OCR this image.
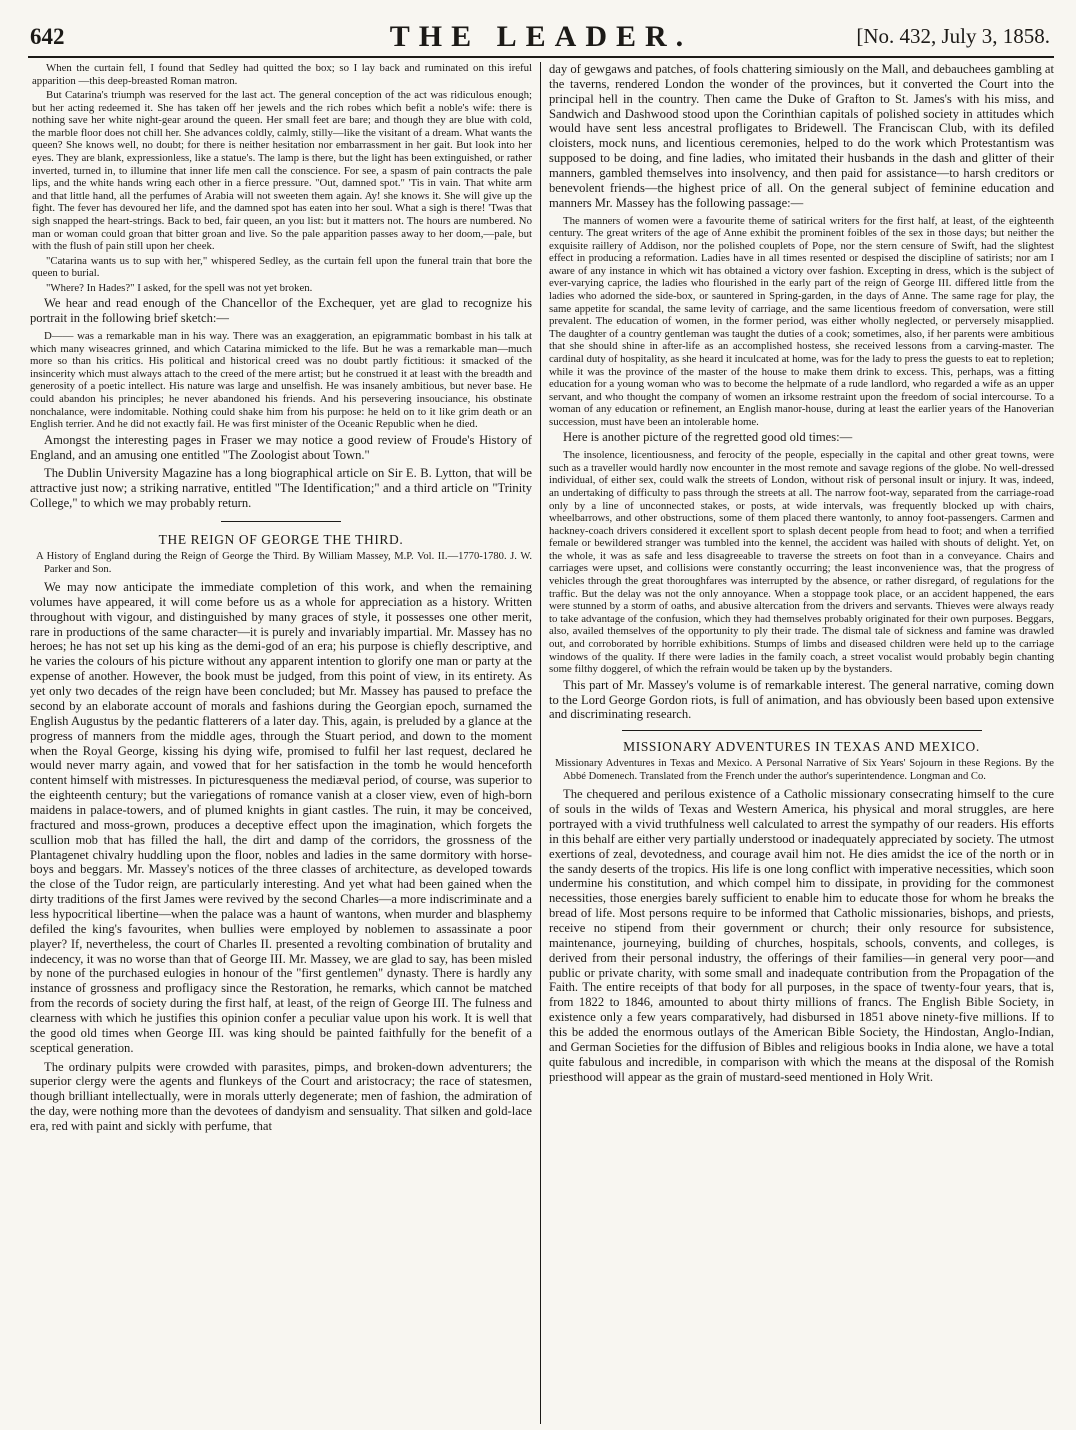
642	THE LEADER.	[No. 432, July 3, 1858.

When the curtain fell, I found that Sedley had quitted the box; so I lay back and ruminated on this ireful apparition —this deep-breasted Roman matron.

But Catarina's triumph was reserved for the last act. The general conception of the act was ridiculous enough; but her acting redeemed it. She has taken off her jewels and the rich robes which befit a noble's wife: there is nothing save her white night-gear around the queen. Her small feet are bare; and though they are blue with cold, the marble floor does not chill her. She advances coldly, calmly, stilly—like the visitant of a dream. What wants the queen? She knows well, no doubt; for there is neither hesitation nor embarrassment in her gait. But look into her eyes. They are blank, expressionless, like a statue's. The lamp is there, but the light has been extinguished, or rather inverted, turned in, to illumine that inner life men call the conscience. For see, a spasm of pain contracts the pale lips, and the white hands wring each other in a fierce pressure. "Out, damned spot." 'Tis in vain. That white arm and that little hand, all the perfumes of Arabia will not sweeten them again. Ay! she knows it. She will give up the fight. The fever has devoured her life, and the damned spot has eaten into her soul. What a sigh is there! 'Twas that sigh snapped the heart-strings. Back to bed, fair queen, an you list: but it matters not. The hours are numbered. No man or woman could groan that bitter groan and live. So the pale apparition passes away to her doom,—pale, but with the flush of pain still upon her cheek.

"Catarina wants us to sup with her," whispered Sedley, as the curtain fell upon the funeral train that bore the queen to burial.

"Where? In Hades?" I asked, for the spell was not yet broken.

We hear and read enough of the Chancellor of the Exchequer, yet are glad to recognize his portrait in the following brief sketch:—

D—— was a remarkable man in his way. There was an exaggeration, an epigrammatic bombast in his talk at which many wiseacres grinned, and which Catarina mimicked to the life. But he was a remarkable man—much more so than his critics. His political and historical creed was no doubt partly fictitious: it smacked of the insincerity which must always attach to the creed of the mere artist; but he construed it at least with the breadth and generosity of a poetic intellect. His nature was large and unselfish. He was insanely ambitious, but never base. He could abandon his principles; he never abandoned his friends. And his persevering insouciance, his obstinate nonchalance, were indomitable. Nothing could shake him from his purpose: he held on to it like grim death or an English terrier. And he did not exactly fail. He was first minister of the Oceanic Republic when he died.

Amongst the interesting pages in Fraser we may notice a good review of Froude's History of England, and an amusing one entitled "The Zoologist about Town."

The Dublin University Magazine has a long biographical article on Sir E. B. Lytton, that will be attractive just now; a striking narrative, entitled "The Identification;" and a third article on "Trinity College," to which we may probably return.

THE REIGN OF GEORGE THE THIRD.

A History of England during the Reign of George the Third. By William Massey, M.P. Vol. II.—1770-1780. J. W. Parker and Son.

We may now anticipate the immediate completion of this work, and when the remaining volumes have appeared, it will come before us as a whole for appreciation as a history. Written throughout with vigour, and distinguished by many graces of style, it possesses one other merit, rare in productions of the same character—it is purely and invariably impartial. Mr. Massey has no heroes; he has not set up his king as the demi-god of an era; his purpose is chiefly descriptive, and he varies the colours of his picture without any apparent intention to glorify one man or party at the expense of another. However, the book must be judged, from this point of view, in its entirety. As yet only two decades of the reign have been concluded; but Mr. Massey has paused to preface the second by an elaborate account of morals and fashions during the Georgian epoch, surnamed the English Augustus by the pedantic flatterers of a later day. This, again, is preluded by a glance at the progress of manners from the middle ages, through the Stuart period, and down to the moment when the Royal George, kissing his dying wife, promised to fulfil her last request, declared he would never marry again, and vowed that for her satisfaction in the tomb he would henceforth content himself with mistresses. In picturesqueness the mediæval period, of course, was superior to the eighteenth century; but the variegations of romance vanish at a closer view, even of high-born maidens in palace-towers, and of plumed knights in giant castles. The ruin, it may be conceived, fractured and moss-grown, produces a deceptive effect upon the imagination, which forgets the scullion mob that has filled the hall, the dirt and damp of the corridors, the grossness of the Plantagenet chivalry huddling upon the floor, nobles and ladies in the same dormitory with horse-boys and beggars. Mr. Massey's notices of the three classes of architecture, as developed towards the close of the Tudor reign, are particularly interesting. And yet what had been gained when the dirty traditions of the first James were revived by the second Charles—a more indiscriminate and a less hypocritical libertine—when the palace was a haunt of wantons, when murder and blasphemy defiled the king's favourites, when bullies were employed by noblemen to assassinate a poor player? If, nevertheless, the court of Charles II. presented a revolting combination of brutality and indecency, it was no worse than that of George III. Mr. Massey, we are glad to say, has been misled by none of the purchased eulogies in honour of the "first gentlemen" dynasty. There is hardly any instance of grossness and profligacy since the Restoration, he remarks, which cannot be matched from the records of society during the first half, at least, of the reign of George III. The fulness and clearness with which he justifies this opinion confer a peculiar value upon his work. It is well that the good old times when George III. was king should be painted faithfully for the benefit of a sceptical generation.

The ordinary pulpits were crowded with parasites, pimps, and broken-down adventurers; the superior clergy were the agents and flunkeys of the Court and aristocracy; the race of statesmen, though brilliant intellectually, were in morals utterly degenerate; men of fashion, the admiration of the day, were nothing more than the devotees of dandyism and sensuality. That silken and gold-lace era, red with paint and sickly with perfume, that

day of gewgaws and patches, of fools chattering simiously on the Mall, and debauchees gambling at the taverns, rendered London the wonder of the provinces, but it converted the Court into the principal hell in the country. Then came the Duke of Grafton to St. James's with his miss, and Sandwich and Dashwood stood upon the Corinthian capitals of polished society in attitudes which would have sent less ancestral profligates to Bridewell. The Franciscan Club, with its defiled cloisters, mock nuns, and licentious ceremonies, helped to do the work which Protestantism was supposed to be doing, and fine ladies, who imitated their husbands in the dash and glitter of their manners, gambled themselves into insolvency, and then paid for assistance—to harsh creditors or benevolent friends—the highest price of all. On the general subject of feminine education and manners Mr. Massey has the following passage:—

The manners of women were a favourite theme of satirical writers for the first half, at least, of the eighteenth century. The great writers of the age of Anne exhibit the prominent foibles of the sex in those days; but neither the exquisite raillery of Addison, nor the polished couplets of Pope, nor the stern censure of Swift, had the slightest effect in producing a reformation. Ladies have in all times resented or despised the discipline of satirists; nor am I aware of any instance in which wit has obtained a victory over fashion. Excepting in dress, which is the subject of ever-varying caprice, the ladies who flourished in the early part of the reign of George III. differed little from the ladies who adorned the side-box, or sauntered in Spring-garden, in the days of Anne. The same rage for play, the same appetite for scandal, the same levity of carriage, and the same licentious freedom of conversation, were still prevalent. The education of women, in the former period, was either wholly neglected, or perversely misapplied. The daughter of a country gentleman was taught the duties of a cook; sometimes, also, if her parents were ambitious that she should shine in after-life as an accomplished hostess, she received lessons from a carving-master. The cardinal duty of hospitality, as she heard it inculcated at home, was for the lady to press the guests to eat to repletion; while it was the province of the master of the house to make them drink to excess. This, perhaps, was a fitting education for a young woman who was to become the helpmate of a rude landlord, who regarded a wife as an upper servant, and who thought the company of women an irksome restraint upon the freedom of social intercourse. To a woman of any education or refinement, an English manor-house, during at least the earlier years of the Hanoverian succession, must have been an intolerable home.

Here is another picture of the regretted good old times:—

The insolence, licentiousness, and ferocity of the people, especially in the capital and other great towns, were such as a traveller would hardly now encounter in the most remote and savage regions of the globe. No well-dressed individual, of either sex, could walk the streets of London, without risk of personal insult or injury. It was, indeed, an undertaking of difficulty to pass through the streets at all. The narrow foot-way, separated from the carriage-road only by a line of unconnected stakes, or posts, at wide intervals, was frequently blocked up with chairs, wheelbarrows, and other obstructions, some of them placed there wantonly, to annoy foot-passengers. Carmen and hackney-coach drivers considered it excellent sport to splash decent people from head to foot; and when a terrified female or bewildered stranger was tumbled into the kennel, the accident was hailed with shouts of delight. Yet, on the whole, it was as safe and less disagreeable to traverse the streets on foot than in a conveyance. Chairs and carriages were upset, and collisions were constantly occurring; the least inconvenience was, that the progress of vehicles through the great thoroughfares was interrupted by the absence, or rather disregard, of regulations for the traffic. But the delay was not the only annoyance. When a stoppage took place, or an accident happened, the ears were stunned by a storm of oaths, and abusive altercation from the drivers and servants. Thieves were always ready to take advantage of the confusion, which they had themselves probably originated for their own purposes. Beggars, also, availed themselves of the opportunity to ply their trade. The dismal tale of sickness and famine was drawled out, and corroborated by horrible exhibitions. Stumps of limbs and diseased children were held up to the carriage windows of the quality. If there were ladies in the family coach, a street vocalist would probably begin chanting some filthy doggerel, of which the refrain would be taken up by the bystanders.

This part of Mr. Massey's volume is of remarkable interest. The general narrative, coming down to the Lord George Gordon riots, is full of animation, and has obviously been based upon extensive and discriminating research.

MISSIONARY ADVENTURES IN TEXAS AND MEXICO.

Missionary Adventures in Texas and Mexico. A Personal Narrative of Six Years' Sojourn in these Regions. By the Abbé Domenech. Translated from the French under the author's superintendence. Longman and Co.

The chequered and perilous existence of a Catholic missionary consecrating himself to the cure of souls in the wilds of Texas and Western America, his physical and moral struggles, are here portrayed with a vivid truthfulness well calculated to arrest the sympathy of our readers. His efforts in this behalf are either very partially understood or inadequately appreciated by society. The utmost exertions of zeal, devotedness, and courage avail him not. He dies amidst the ice of the north or in the sandy deserts of the tropics. His life is one long conflict with imperative necessities, which soon undermine his constitution, and which compel him to dissipate, in providing for the commonest necessities, those energies barely sufficient to enable him to educate those for whom he breaks the bread of life. Most persons require to be informed that Catholic missionaries, bishops, and priests, receive no stipend from their government or church; their only resource for subsistence, maintenance, journeying, building of churches, hospitals, schools, convents, and colleges, is derived from their personal industry, the offerings of their families—in general very poor—and public or private charity, with some small and inadequate contribution from the Propagation of the Faith. The entire receipts of that body for all purposes, in the space of twenty-four years, that is, from 1822 to 1846, amounted to about thirty millions of francs. The English Bible Society, in existence only a few years comparatively, had disbursed in 1851 above ninety-five millions. If to this be added the enormous outlays of the American Bible Society, the Hindostan, Anglo-Indian, and German Societies for the diffusion of Bibles and religious books in India alone, we have a total quite fabulous and incredible, in comparison with which the means at the disposal of the Romish priesthood will appear as the grain of mustard-seed mentioned in Holy Writ.
